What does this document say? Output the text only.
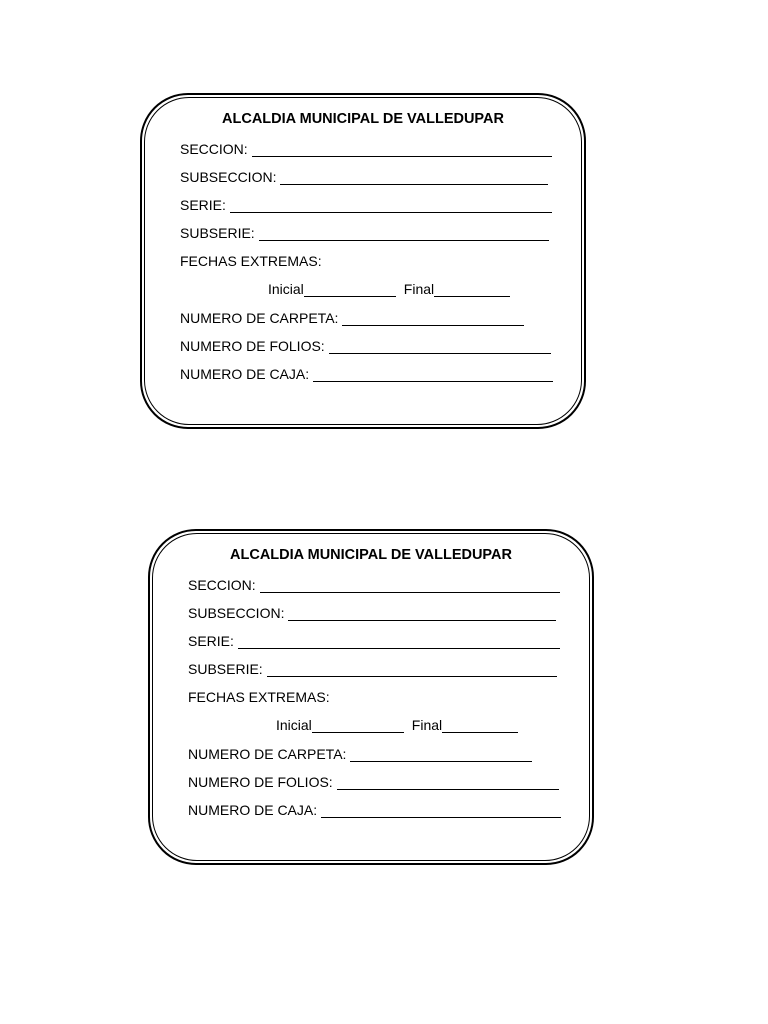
ALCALDIA MUNICIPAL DE VALLEDUPAR
SECCION:
SUBSECCION:
SERIE:
SUBSERIE:
FECHAS EXTREMAS:
Inicial	Final
NUMERO DE CARPETA:
NUMERO DE FOLIOS:
NUMERO DE CAJA:
ALCALDIA MUNICIPAL DE VALLEDUPAR
SECCION:
SUBSECCION:
SERIE:
SUBSERIE:
FECHAS EXTREMAS:
Inicial	Final
NUMERO DE CARPETA:
NUMERO DE FOLIOS:
NUMERO DE CAJA:
